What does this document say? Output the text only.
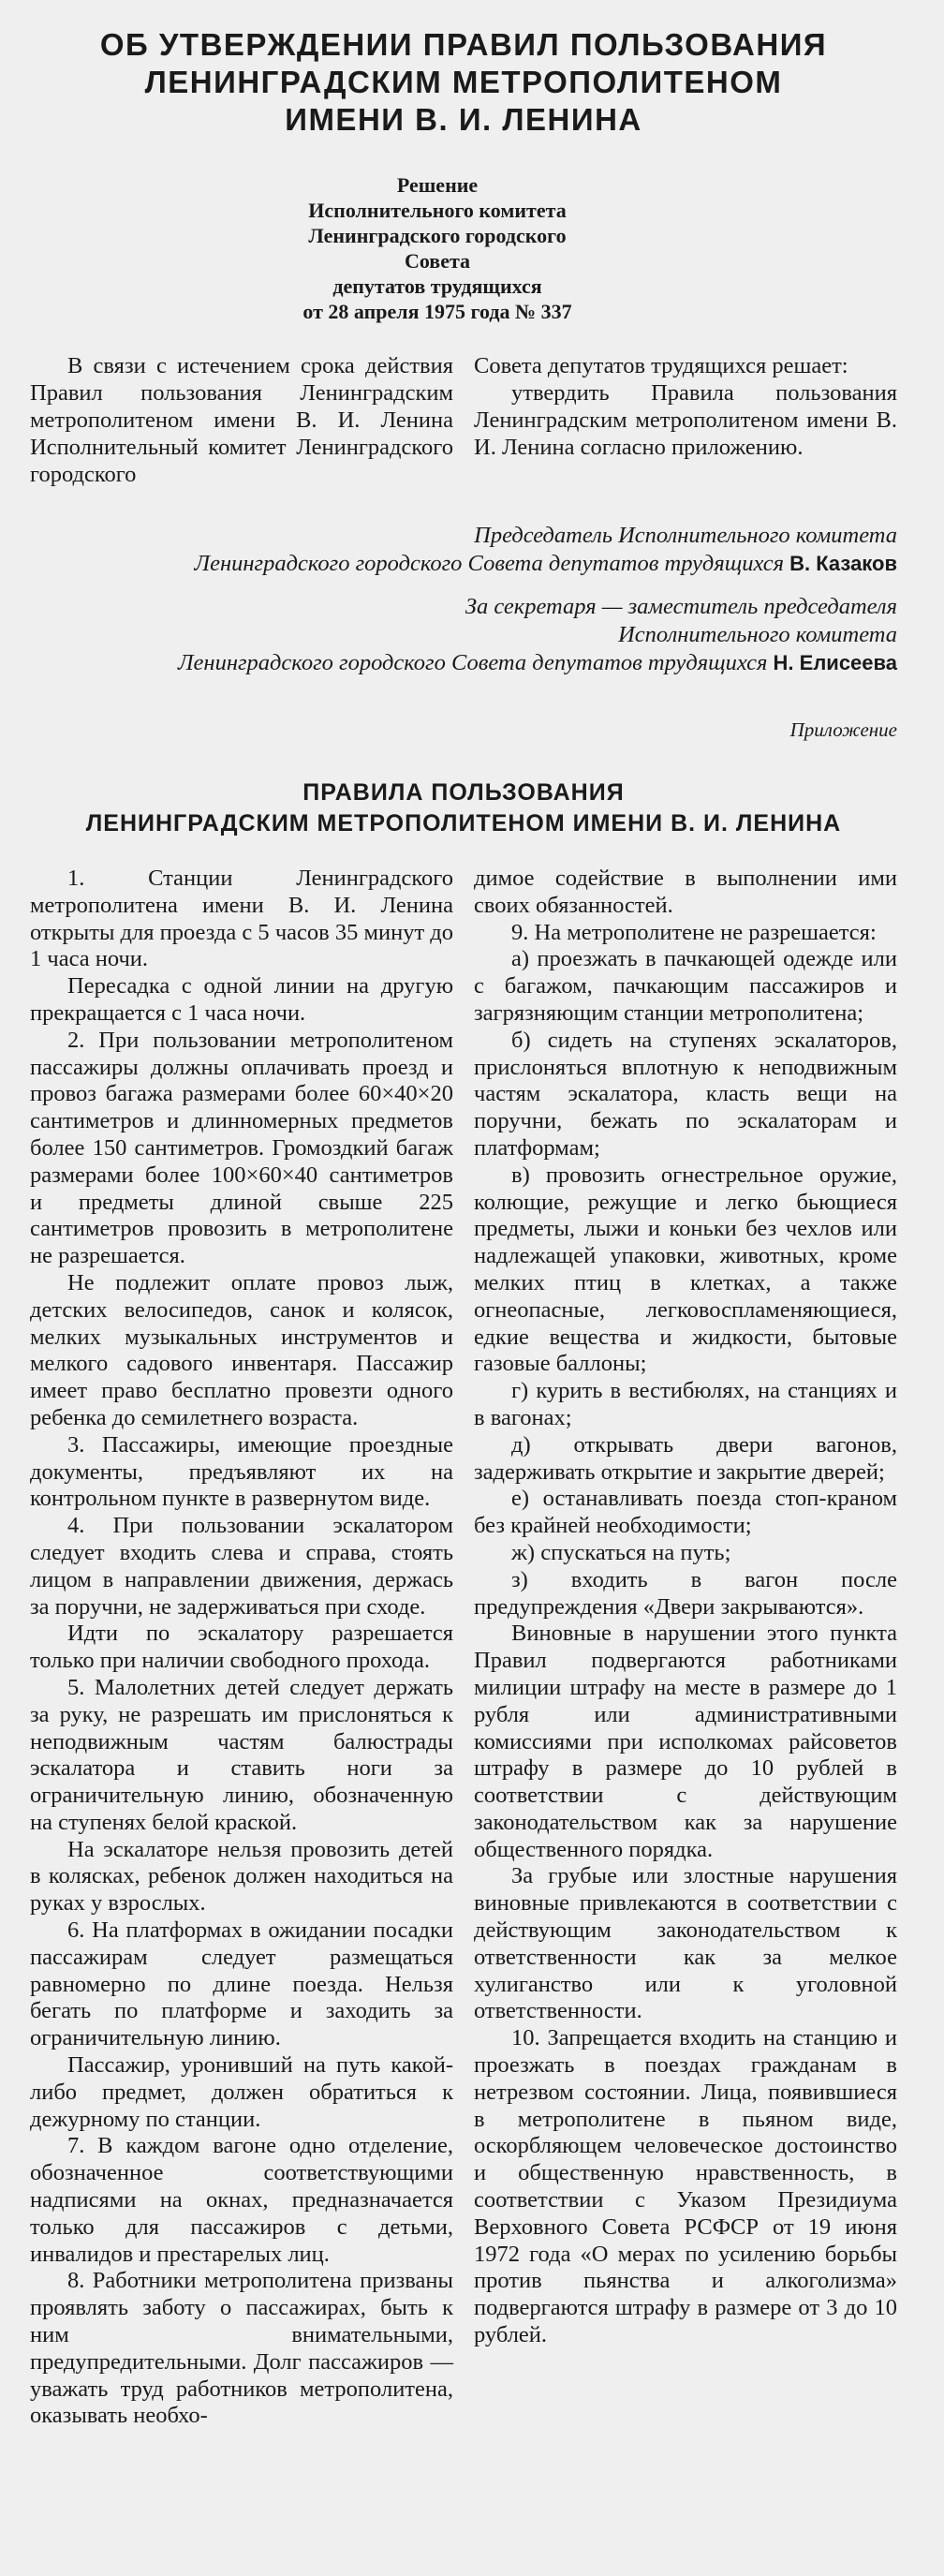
ОБ УТВЕРЖДЕНИИ ПРАВИЛ ПОЛЬЗОВАНИЯ
ЛЕНИНГРАДСКИМ МЕТРОПОЛИТЕНОМ
ИМЕНИ В. И. ЛЕНИНА
Решение
Исполнительного комитета
Ленинградского городского Совета
депутатов трудящихся
от 28 апреля 1975 года № 337

В связи с истечением срока действия Правил пользования Ленинградским метрополитеном имени В. И. Ленина Исполнительный комитет Ленинградского городского

Совета депутатов трудящихся решает:

утвердить Правила пользования Ленинградским метрополитеном имени В. И. Ленина согласно приложению.

Председатель Исполнительного комитета
Ленинградского городского Совета депутатов трудящихся В. Казаков
За секретаря — заместитель председателя
Исполнительного комитета
Ленинградского городского Совета депутатов трудящихся Н. Елисеева
Приложение
ПРАВИЛА ПОЛЬЗОВАНИЯ
ЛЕНИНГРАДСКИМ МЕТРОПОЛИТЕНОМ ИМЕНИ В. И. ЛЕНИНА

1. Станции Ленинградского метрополитена имени В. И. Ленина открыты для проезда с 5 часов 35 минут до 1 часа ночи.

Пересадка с одной линии на другую прекращается с 1 часа ночи.

2. При пользовании метрополитеном пассажиры должны оплачивать проезд и провоз багажа размерами более 60×40×20 сантиметров и длинномерных предметов более 150 сантиметров. Громоздкий багаж размерами более 100×60×40 сантиметров и предметы длиной свыше 225 сантиметров провозить в метрополитене не разрешается.

Не подлежит оплате провоз лыж, детских велосипедов, санок и колясок, мелких музыкальных инструментов и мелкого садового инвентаря. Пассажир имеет право бесплатно провезти одного ребенка до семилетнего возраста.

3. Пассажиры, имеющие проездные документы, предъявляют их на контрольном пункте в развернутом виде.

4. При пользовании эскалатором следует входить слева и справа, стоять лицом в направлении движения, держась за поручни, не задерживаться при сходе.

Идти по эскалатору разрешается только при наличии свободного прохода.

5. Малолетних детей следует держать за руку, не разрешать им прислоняться к неподвижным частям балюстрады эскалатора и ставить ноги за ограничительную линию, обозначенную на ступенях белой краской.

На эскалаторе нельзя провозить детей в колясках, ребенок должен находиться на руках у взрослых.

6. На платформах в ожидании посадки пассажирам следует размещаться равномерно по длине поезда. Нельзя бегать по платформе и заходить за ограничительную линию.

Пассажир, уронивший на путь какой-либо предмет, должен обратиться к дежурному по станции.

7. В каждом вагоне одно отделение, обозначенное соответствующими надписями на окнах, предназначается только для пассажиров с детьми, инвалидов и престарелых лиц.

8. Работники метрополитена призваны проявлять заботу о пассажирах, быть к ним внимательными, предупредительными. Долг пассажиров — уважать труд работников метрополитена, оказывать необхо-

димое содействие в выполнении ими своих обязанностей.

9. На метрополитене не разрешается:

а) проезжать в пачкающей одежде или с багажом, пачкающим пассажиров и загрязняющим станции метрополитена;

б) сидеть на ступенях эскалаторов, прислоняться вплотную к неподвижным частям эскалатора, класть вещи на поручни, бежать по эскалаторам и платформам;

в) провозить огнестрельное оружие, колющие, режущие и легко бьющиеся предметы, лыжи и коньки без чехлов или надлежащей упаковки, животных, кроме мелких птиц в клетках, а также огнеопасные, легковоспламеняющиеся, едкие вещества и жидкости, бытовые газовые баллоны;

г) курить в вестибюлях, на станциях и в вагонах;

д) открывать двери вагонов, задерживать открытие и закрытие дверей;

е) останавливать поезда стоп-краном без крайней необходимости;

ж) спускаться на путь;

з) входить в вагон после предупреждения «Двери закрываются».

Виновные в нарушении этого пункта Правил подвергаются работниками милиции штрафу на месте в размере до 1 рубля или административными комиссиями при исполкомах райсоветов штрафу в размере до 10 рублей в соответствии с действующим законодательством как за нарушение общественного порядка.

За грубые или злостные нарушения виновные привлекаются в соответствии с действующим законодательством к ответственности как за мелкое хулиганство или к уголовной ответственности.

10. Запрещается входить на станцию и проезжать в поездах гражданам в нетрезвом состоянии. Лица, появившиеся в метрополитене в пьяном виде, оскорбляющем человеческое достоинство и общественную нравственность, в соответствии с Указом Президиума Верховного Совета РСФСР от 19 июня 1972 года «О мерах по усилению борьбы против пьянства и алкоголизма» подвергаются штрафу в размере от 3 до 10 рублей.
